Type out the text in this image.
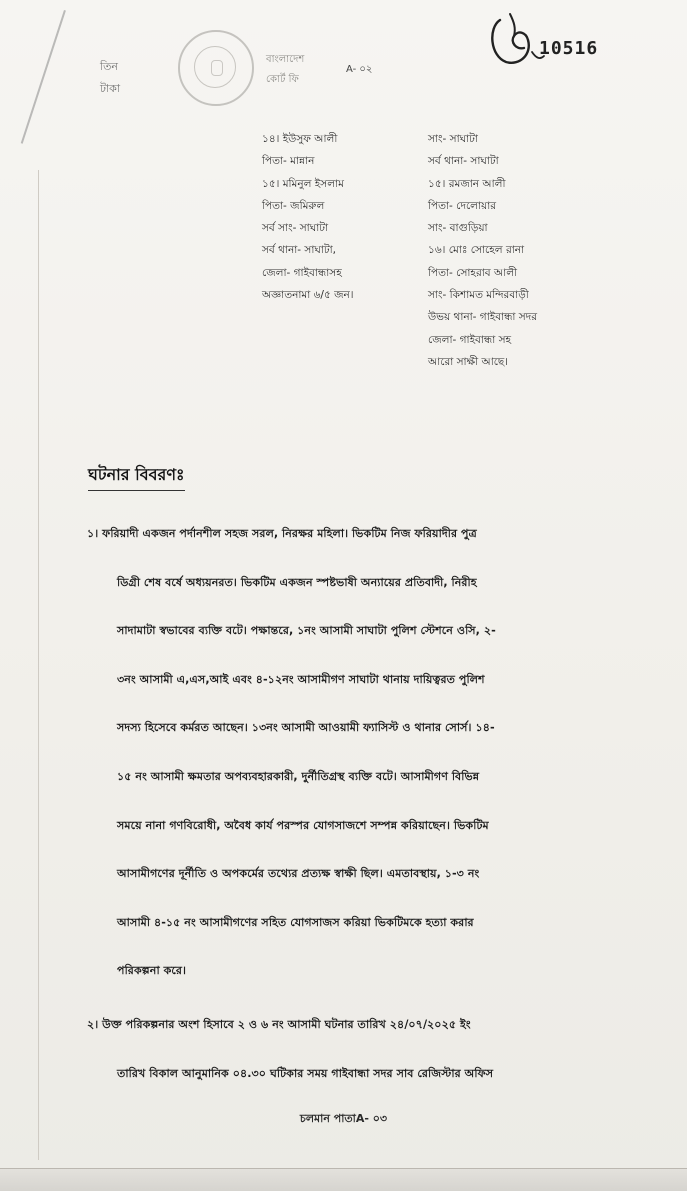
তিন
টাকা
বাংলাদেশ
কোর্ট ফি
A- ০২
10516
১৪। ইউসুফ আলী
পিতা- মান্নান
১৫। মমিনুল ইসলাম
পিতা- জমিরুল
সর্ব সাং- সাঘাটা
সর্ব থানা- সাঘাটা,
জেলা- গাইবান্ধাসহ
অজ্ঞাতনামা ৬/৫ জন।
সাং- সাঘাটা
সর্ব থানা- সাঘাটা
১৫। রমজান আলী
পিতা- দেলোয়ার
সাং- বাগুড়িয়া
১৬। মোঃ সোহেল রানা
পিতা- সোহরাব আলী
সাং- কিশামত মন্দিরবাড়ী
উভয় থানা- গাইবান্ধা সদর
জেলা- গাইবান্ধা সহ
আরো সাক্ষী আছে।
ঘটনার বিবরণঃ
১। ফরিয়াদী একজন পর্দানশীল সহজ সরল, নিরক্ষর মহিলা। ভিকটিম নিজ ফরিয়াদীর পুত্র
ডিগ্রী শেষ বর্ষে অধ্যয়নরত। ভিকটিম একজন স্পষ্টভাষী অন্যায়ের প্রতিবাদী, নিরীহ
সাদামাটা স্বভাবের ব্যক্তি বটে। পক্ষান্তরে, ১নং আসামী সাঘাটা পুলিশ স্টেশনে ওসি, ২-
৩নং আসামী এ,এস,আই এবং ৪-১২নং আসামীগণ সাঘাটা থানায় দায়িত্বরত পুলিশ
সদস্য হিসেবে কর্মরত আছেন। ১৩নং আসামী আওয়ামী ফ্যাসিস্ট ও থানার সোর্স। ১৪-
১৫ নং আসামী ক্ষমতার অপব্যবহারকারী, দুর্নীতিগ্রস্থ ব্যক্তি বটে। আসামীগণ বিভিন্ন
সময়ে নানা গণবিরোধী, অবৈধ কার্য পরস্পর যোগসাজশে সম্পন্ন করিয়াছেন। ভিকটিম
আসামীগণের দূর্নীতি ও অপকর্মের তথ্যের প্রত্যক্ষ স্বাক্ষী ছিল। এমতাবস্থায়, ১-৩ নং
আসামী ৪-১৫ নং আসামীগণের সহিত যোগসাজস করিয়া ভিকটিমকে হত্যা করার
পরিকল্পনা করে।
২। উক্ত পরিকল্পনার অংশ হিসাবে ২ ও ৬ নং আসামী ঘটনার তারিখ ২৪/০৭/২০২৫ ইং
তারিখ বিকাল আনুমানিক ০৪.৩০ ঘটিকার সময় গাইবান্ধা সদর সাব রেজিস্টার অফিস
চলমান পাতাA- ০৩
